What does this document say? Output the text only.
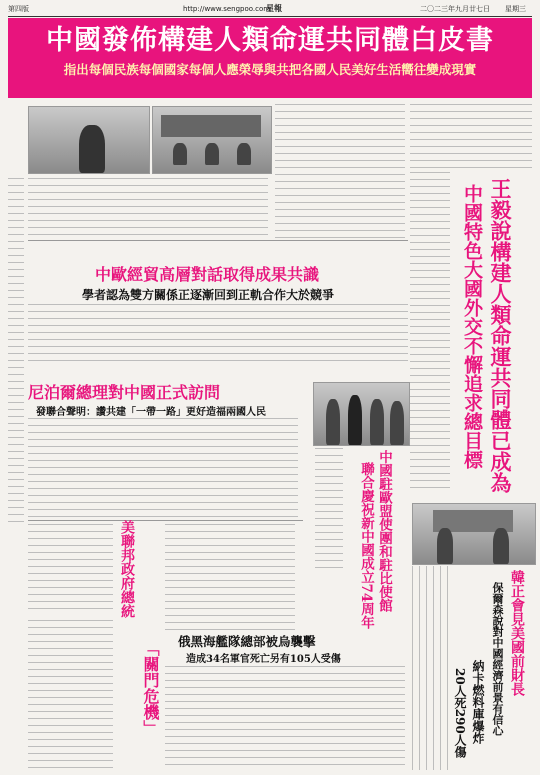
第四版	http://www.sengpoo.com
星報	二〇二三年九月廿七日 星期三
中國發佈構建人類命運共同體白皮書
指出每個民族每個國家每個人應榮辱與共把各國人民美好生活嚮往變成現實
王毅說構建人類命運共同體已成為
中國特色大國外交不懈追求總目標
中歐經貿高層對話取得成果共識
學者認為雙方關係正逐漸回到正軌合作大於競爭
尼泊爾總理對中國正式訪問
發聯合聲明：讚共建「一帶一路」更好造福兩國人民
中國駐歐盟使團和駐比使館
聯合慶祝新中國成立74周年
美聯邦政府總統
「關門危機」 俄黑海艦隊總部被烏襲擊
造成34名軍官死亡另有105人受傷	韓正會見美國前財長
保爾森說對中國經濟前景有信心
納卡燃料庫爆炸
20人死290人傷
